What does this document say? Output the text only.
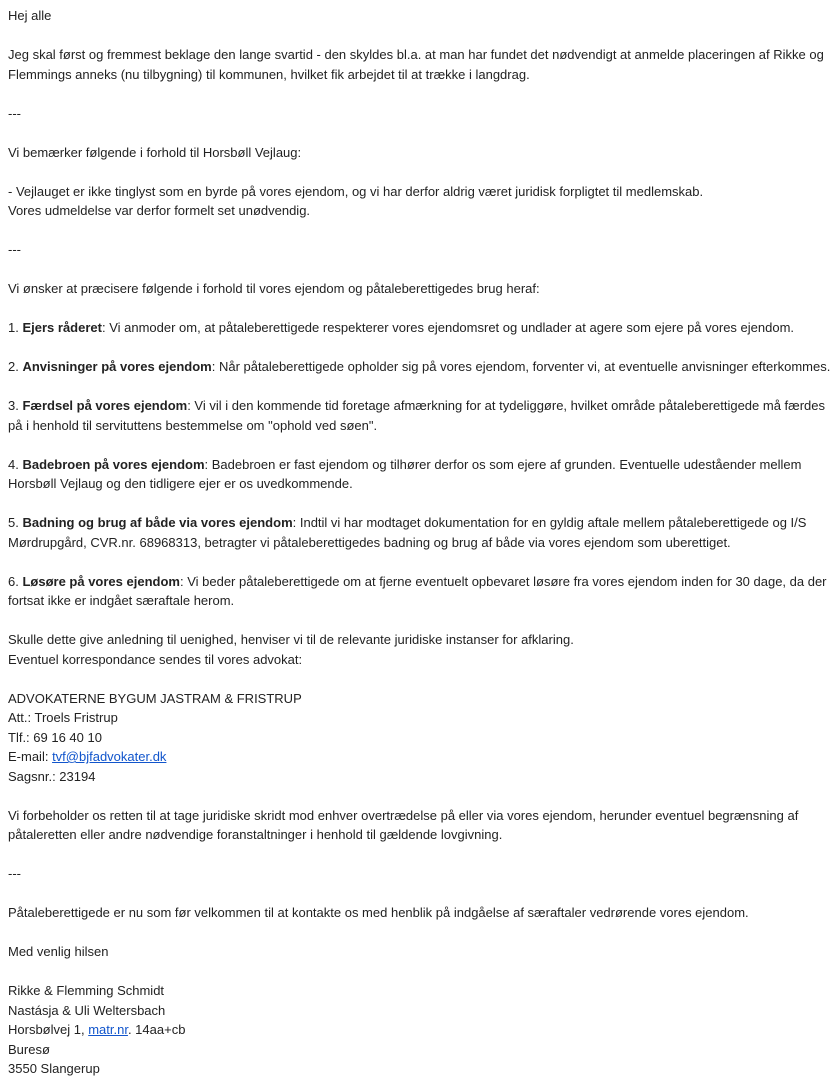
Hej alle
Jeg skal først og fremmest beklage den lange svartid - den skyldes bl.a. at man har fundet det nødvendigt at anmelde placeringen af Rikke og Flemmings anneks (nu tilbygning) til kommunen, hvilket fik arbejdet til at trække i langdrag.
---
Vi bemærker følgende i forhold til Horsbøll Vejlaug:
- Vejlauget er ikke tinglyst som en byrde på vores ejendom, og vi har derfor aldrig været juridisk forpligtet til medlemskab.
Vores udmeldelse var derfor formelt set unødvendig.
---
Vi ønsker at præcisere følgende i forhold til vores ejendom og påtaleberettigedes brug heraf:
1. Ejers råderet: Vi anmoder om, at påtaleberettigede respekterer vores ejendomsret og undlader at agere som ejere på vores ejendom.
2. Anvisninger på vores ejendom: Når påtaleberettigede opholder sig på vores ejendom, forventer vi, at eventuelle anvisninger efterkommes.
3. Færdsel på vores ejendom: Vi vil i den kommende tid foretage afmærkning for at tydeliggøre, hvilket område påtaleberettigede må færdes på i henhold til servituttens bestemmelse om "ophold ved søen".
4. Badebroen på vores ejendom: Badebroen er fast ejendom og tilhører derfor os som ejere af grunden. Eventuelle udeståender mellem Horsbøll Vejlaug og den tidligere ejer er os uvedkommende.
5. Badning og brug af både via vores ejendom: Indtil vi har modtaget dokumentation for en gyldig aftale mellem påtaleberettigede og I/S Mørdrupgård, CVR.nr. 68968313, betragter vi påtaleberettigedes badning og brug af både via vores ejendom som uberettiget.
6. Løsøre på vores ejendom: Vi beder påtaleberettigede om at fjerne eventuelt opbevaret løsøre fra vores ejendom inden for 30 dage, da der fortsat ikke er indgået særaftale herom.
Skulle dette give anledning til uenighed, henviser vi til de relevante juridiske instanser for afklaring.
Eventuel korrespondance sendes til vores advokat:
ADVOKATERNE BYGUM JASTRAM & FRISTRUP
Att.: Troels Fristrup
Tlf.: 69 16 40 10
E-mail: tvf@bjfadvokater.dk
Sagsnr.: 23194
Vi forbeholder os retten til at tage juridiske skridt mod enhver overtrædelse på eller via vores ejendom, herunder eventuel begrænsning af påtaleretten eller andre nødvendige foranstaltninger i henhold til gældende lovgivning.
---
Påtaleberettigede er nu som før velkommen til at kontakte os med henblik på indgåelse af særaftaler vedrørende vores ejendom.
Med venlig hilsen
Rikke & Flemming Schmidt
Nastásja & Uli Weltersbach
Horsbølvej 1, matr.nr. 14aa+cb
Buresø
3550 Slangerup
